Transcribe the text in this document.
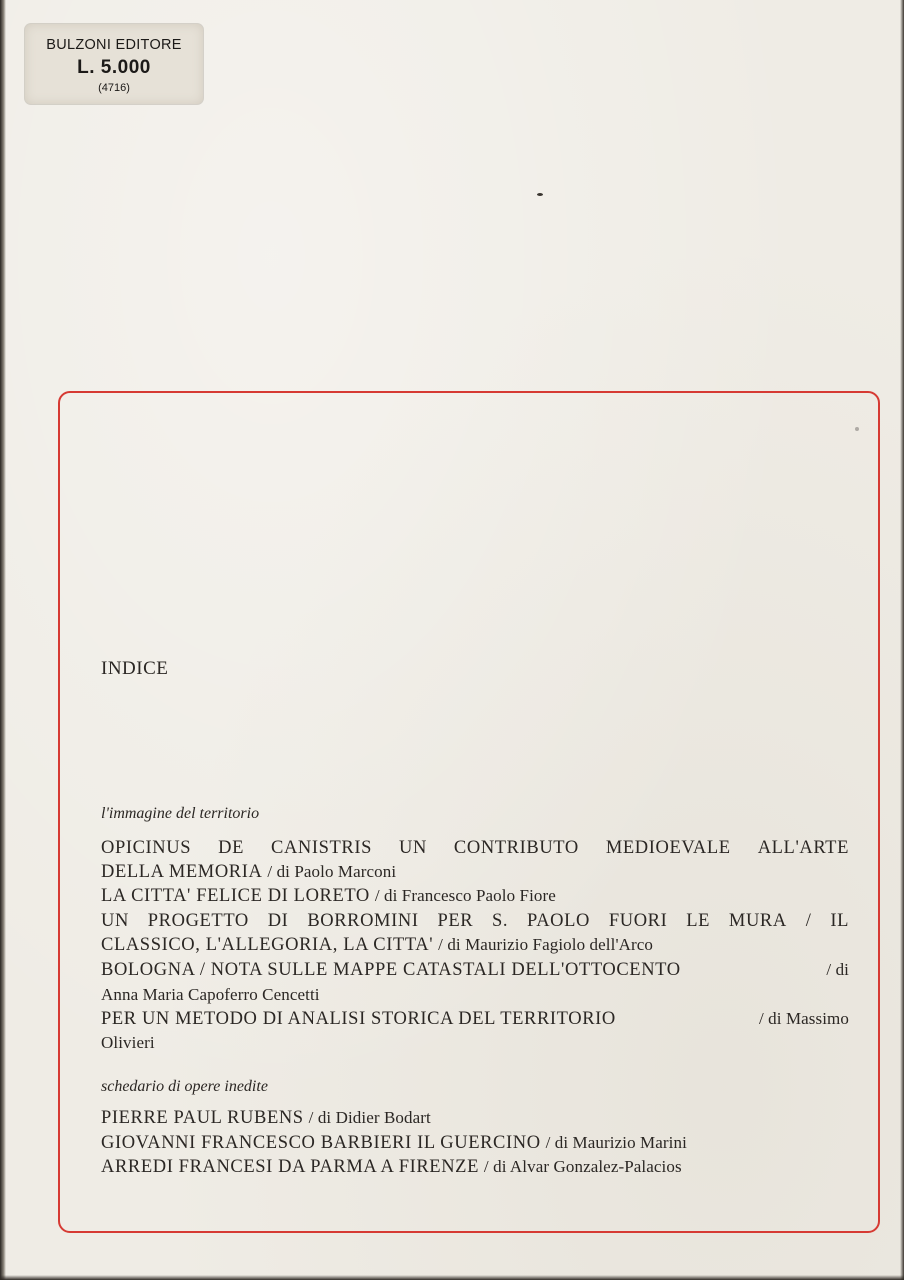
BULZONI EDITORE
L. 5.000
(4716)
INDICE

l'immagine del territorio

OPICINUS DE CANISTRIS UN CONTRIBUTO MEDIOEVALE ALL'ARTE
DELLA MEMORIA / di Paolo Marconi
LA CITTA' FELICE DI LORETO / di Francesco Paolo Fiore
UN PROGETTO DI BORROMINI PER S. PAOLO FUORI LE MURA / IL
CLASSICO, L'ALLEGORIA, LA CITTA' / di Maurizio Fagiolo dell'Arco
BOLOGNA / NOTA SULLE MAPPE CATASTALI DELL'OTTOCENTO	/ di
Anna Maria Capoferro Cencetti
PER UN METODO DI ANALISI STORICA DEL TERRITORIO	/ di Massimo
Olivieri

schedario di opere inedite

PIERRE PAUL RUBENS / di Didier Bodart
GIOVANNI FRANCESCO BARBIERI IL GUERCINO / di Maurizio Marini
ARREDI FRANCESI DA PARMA A FIRENZE / di Alvar Gonzalez-Palacios
